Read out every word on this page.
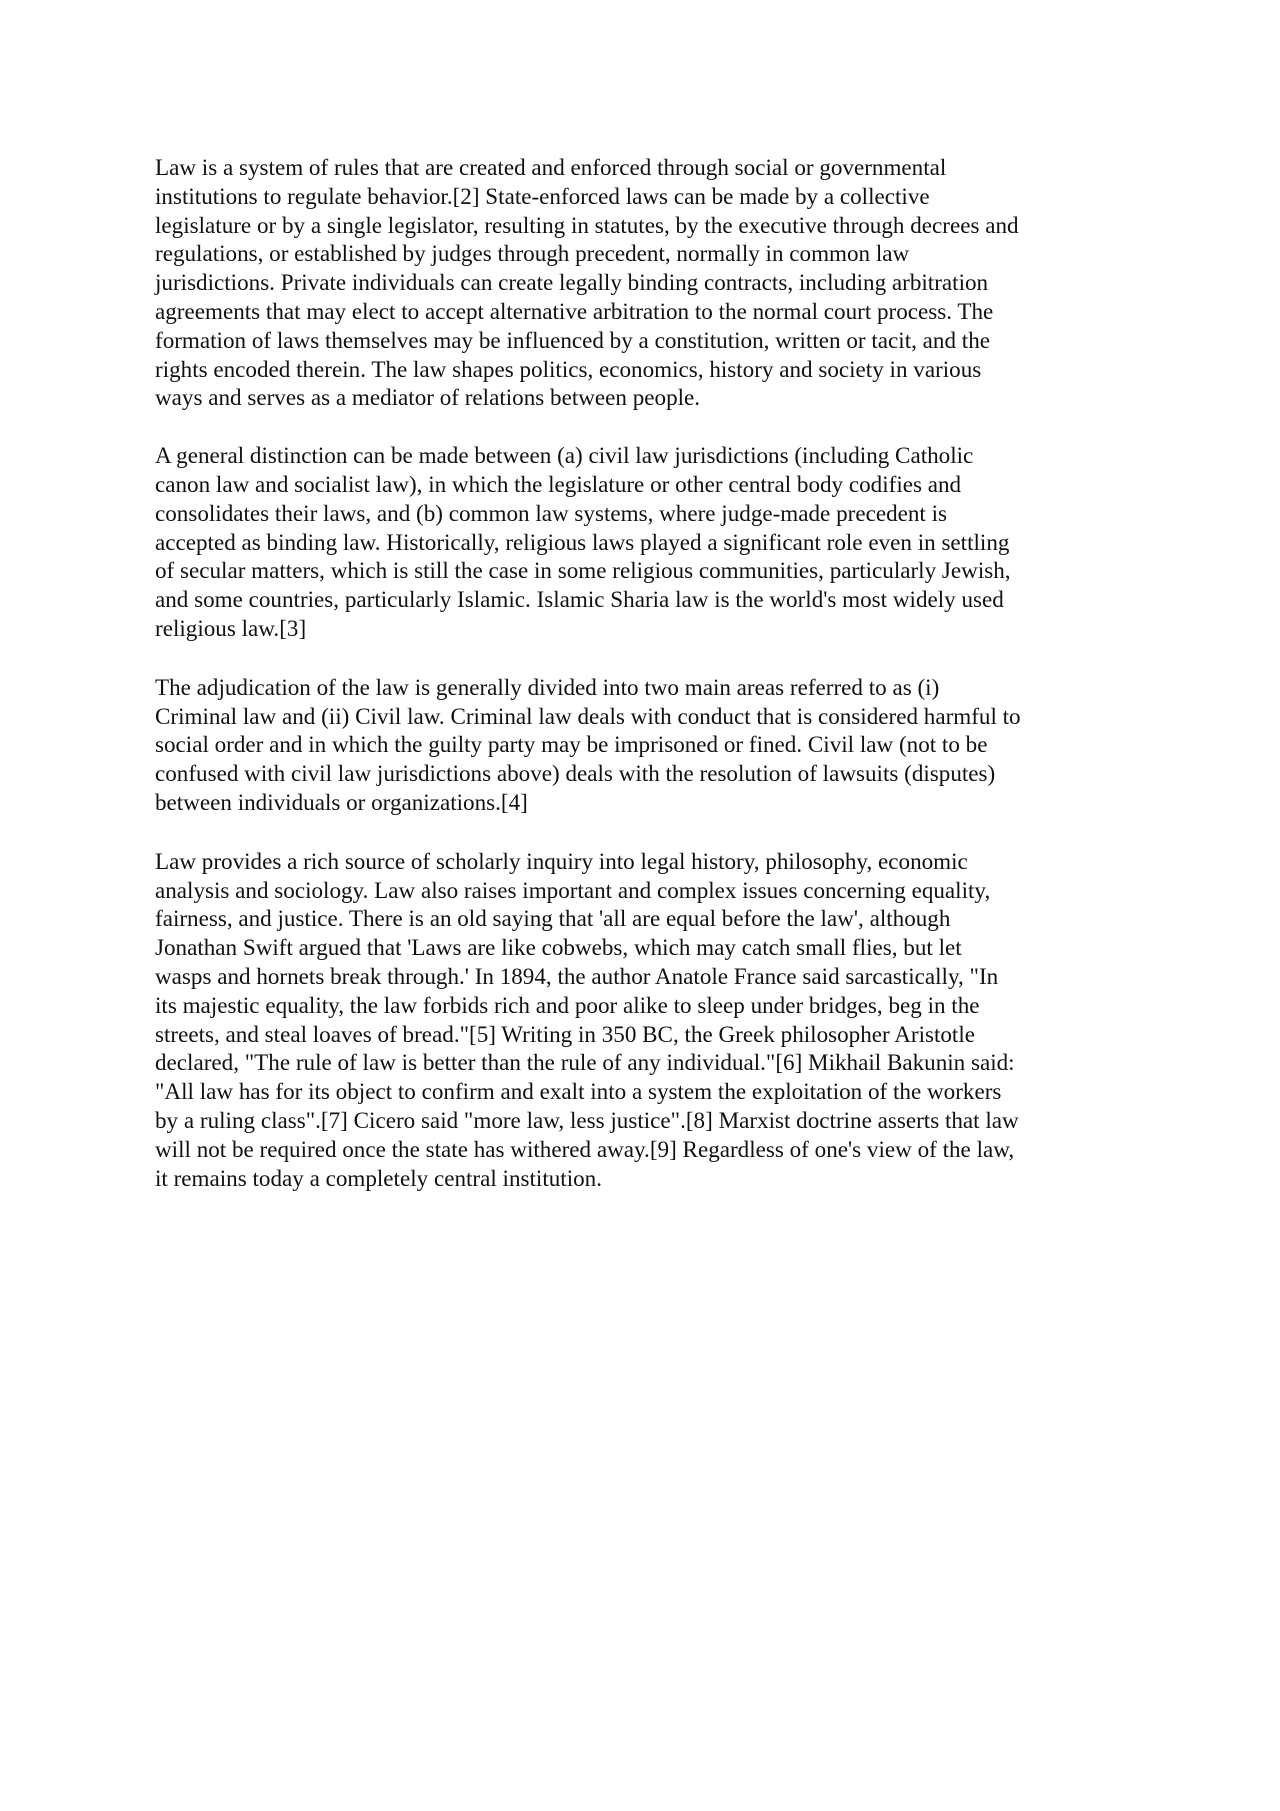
Law is a system of rules that are created and enforced through social or governmental
institutions to regulate behavior.[2] State-enforced laws can be made by a collective
legislature or by a single legislator, resulting in statutes, by the executive through decrees and
regulations, or established by judges through precedent, normally in common law
jurisdictions. Private individuals can create legally binding contracts, including arbitration
agreements that may elect to accept alternative arbitration to the normal court process. The
formation of laws themselves may be influenced by a constitution, written or tacit, and the
rights encoded therein. The law shapes politics, economics, history and society in various
ways and serves as a mediator of relations between people.

A general distinction can be made between (a) civil law jurisdictions (including Catholic
canon law and socialist law), in which the legislature or other central body codifies and
consolidates their laws, and (b) common law systems, where judge-made precedent is
accepted as binding law. Historically, religious laws played a significant role even in settling
of secular matters, which is still the case in some religious communities, particularly Jewish,
and some countries, particularly Islamic. Islamic Sharia law is the world's most widely used
religious law.[3]

The adjudication of the law is generally divided into two main areas referred to as (i)
Criminal law and (ii) Civil law. Criminal law deals with conduct that is considered harmful to
social order and in which the guilty party may be imprisoned or fined. Civil law (not to be
confused with civil law jurisdictions above) deals with the resolution of lawsuits (disputes)
between individuals or organizations.[4]

Law provides a rich source of scholarly inquiry into legal history, philosophy, economic
analysis and sociology. Law also raises important and complex issues concerning equality,
fairness, and justice. There is an old saying that 'all are equal before the law', although
Jonathan Swift argued that 'Laws are like cobwebs, which may catch small flies, but let
wasps and hornets break through.' In 1894, the author Anatole France said sarcastically, "In
its majestic equality, the law forbids rich and poor alike to sleep under bridges, beg in the
streets, and steal loaves of bread."[5] Writing in 350 BC, the Greek philosopher Aristotle
declared, "The rule of law is better than the rule of any individual."[6] Mikhail Bakunin said:
"All law has for its object to confirm and exalt into a system the exploitation of the workers
by a ruling class".[7] Cicero said "more law, less justice".[8] Marxist doctrine asserts that law
will not be required once the state has withered away.[9] Regardless of one's view of the law,
it remains today a completely central institution.
